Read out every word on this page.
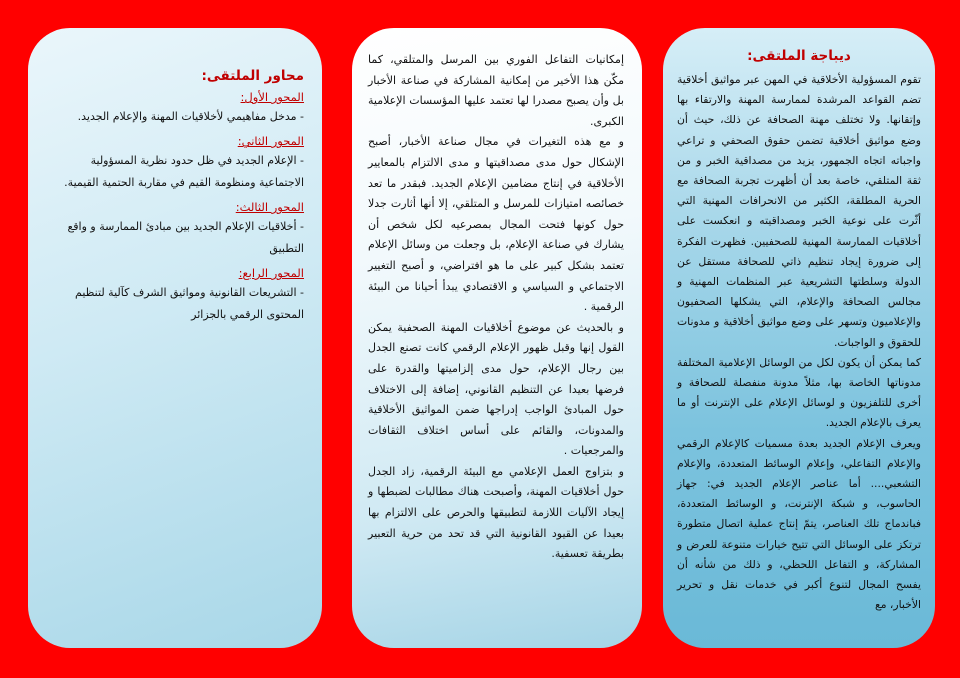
محاور الملتقى:
المحور الأول:

- مدخل مفاهيمي لأخلاقيات المهنة والإعلام الجديد.

المحور الثاني:

- الإعلام الجديد في ظل حدود نظرية المسؤولية الاجتماعية ومنظومة القيم في مقاربة الحتمية القيمية.

المحور الثالث:

- أخلاقيات الإعلام الجديد بين مبادئ الممارسة و واقع التطبيق

المحور الرابع:

- التشريعات القانونية ومواثيق الشرف كآلية لتنظيم المحتوى الرقمي بالجزائر

إمكانيات التفاعل الفوري بين المرسل والمتلقي، كما مكّن هذا الأخير من إمكانية المشاركة في صناعة الأخبار بل وأن يصبح مصدرا لها تعتمد عليها المؤسسات الإعلامية الكبرى.

و مع هذه التغيرات في مجال صناعة الأخبار، أصبح الإشكال حول مدى مصداقيتها و مدى الالتزام بالمعايير الأخلاقية في إنتاج مضامين الإعلام الجديد. فبقدر ما تعد خصائصه امتيازات للمرسل و المتلقي، إلا أنها أثارت جدلا حول كونها فتحت المجال بمصرعيه لكل شخص أن يشارك في صناعة الإعلام، بل وجعلت من وسائل الإعلام تعتمد بشكل كبير على ما هو افتراضي، و أصبح التغيير الاجتماعي و السياسي و الاقتصادي يبدأ أحيانا من البيئة الرقمية .

و بالحديث عن موضوع أخلاقيات المهنة الصحفية يمكن القول إنها وقبل ظهور الإعلام الرقمي كانت تصنع الجدل بين رجال الإعلام، حول مدى إلزاميتها والقدرة على فرضها بعيدا عن التنظيم القانوني، إضافة إلى الاختلاف حول المبادئ الواجب إدراجها ضمن المواثيق الأخلاقية والمدونات، والقائم على أساس اختلاف الثقافات والمرجعيات .

و بتزاوج العمل الإعلامي مع البيئة الرقمية، زاد الجدل حول أخلاقيات المهنة، وأصبحت هناك مطالبات لضبطها و إيجاد الآليات اللازمة لتطبيقها والحرص على الالتزام بها بعيدا عن القيود القانونية التي قد تحد من حرية التعبير بطريقة تعسفية.

ديباجة الملتقى:

تقوم المسؤولية الأخلاقية في المهن عبر مواثيق أخلاقية تضم القواعد المرشدة لممارسة المهنة والارتقاء بها وإتقانها. ولا تختلف مهنة الصحافة عن ذلك، حيث أن وضع مواثيق أخلاقية تضمن حقوق الصحفي و تراعي واجباته اتجاه الجمهور، يزيد من مصداقية الخبر و من ثقة المتلقي، خاصة بعد أن أظهرت تجربة الصحافة مع الحرية المطلقة، الكثير من الانحرافات المهنية التي أثّرت على نوعية الخبر ومصداقيته و انعكست على أخلاقيات الممارسة المهنية للصحفيين. فظهرت الفكرة إلى ضرورة إيجاد تنظيم ذاتي للصحافة مستقل عن الدولة وسلطتها التشريعية عبر المنظمات المهنية و مجالس الصحافة والإعلام، التي يشكلها الصحفيون والإعلاميون وتسهر على وضع مواثيق أخلاقية و مدونات للحقوق و الواجبات.

كما يمكن أن يكون لكل من الوسائل الإعلامية المختلفة مدوناتها الخاصة بها، مثلاً مدونة منفصلة للصحافة و أخرى للتلفزيون و لوسائل الإعلام على الإنترنت أو ما يعرف بالإعلام الجديد.

ويعرف الإعلام الجديد بعدة مسميات كالإعلام الرقمي والإعلام التفاعلي، وإعلام الوسائط المتعددة، والإعلام التشعبي.... أما عناصر الإعلام الجديد في: جهاز الحاسوب، و شبكة الإنترنت، و الوسائط المتعددة، فباندماج تلك العناصر، يتمّ إنتاج عملية اتصال متطورة ترتكز على الوسائل التي تتيح خيارات متنوعة للعرض و المشاركة، و التفاعل اللحظي، و ذلك من شأنه أن يفسح المجال لتنوع أكبر في خدمات نقل و تحرير الأخبار، مع
